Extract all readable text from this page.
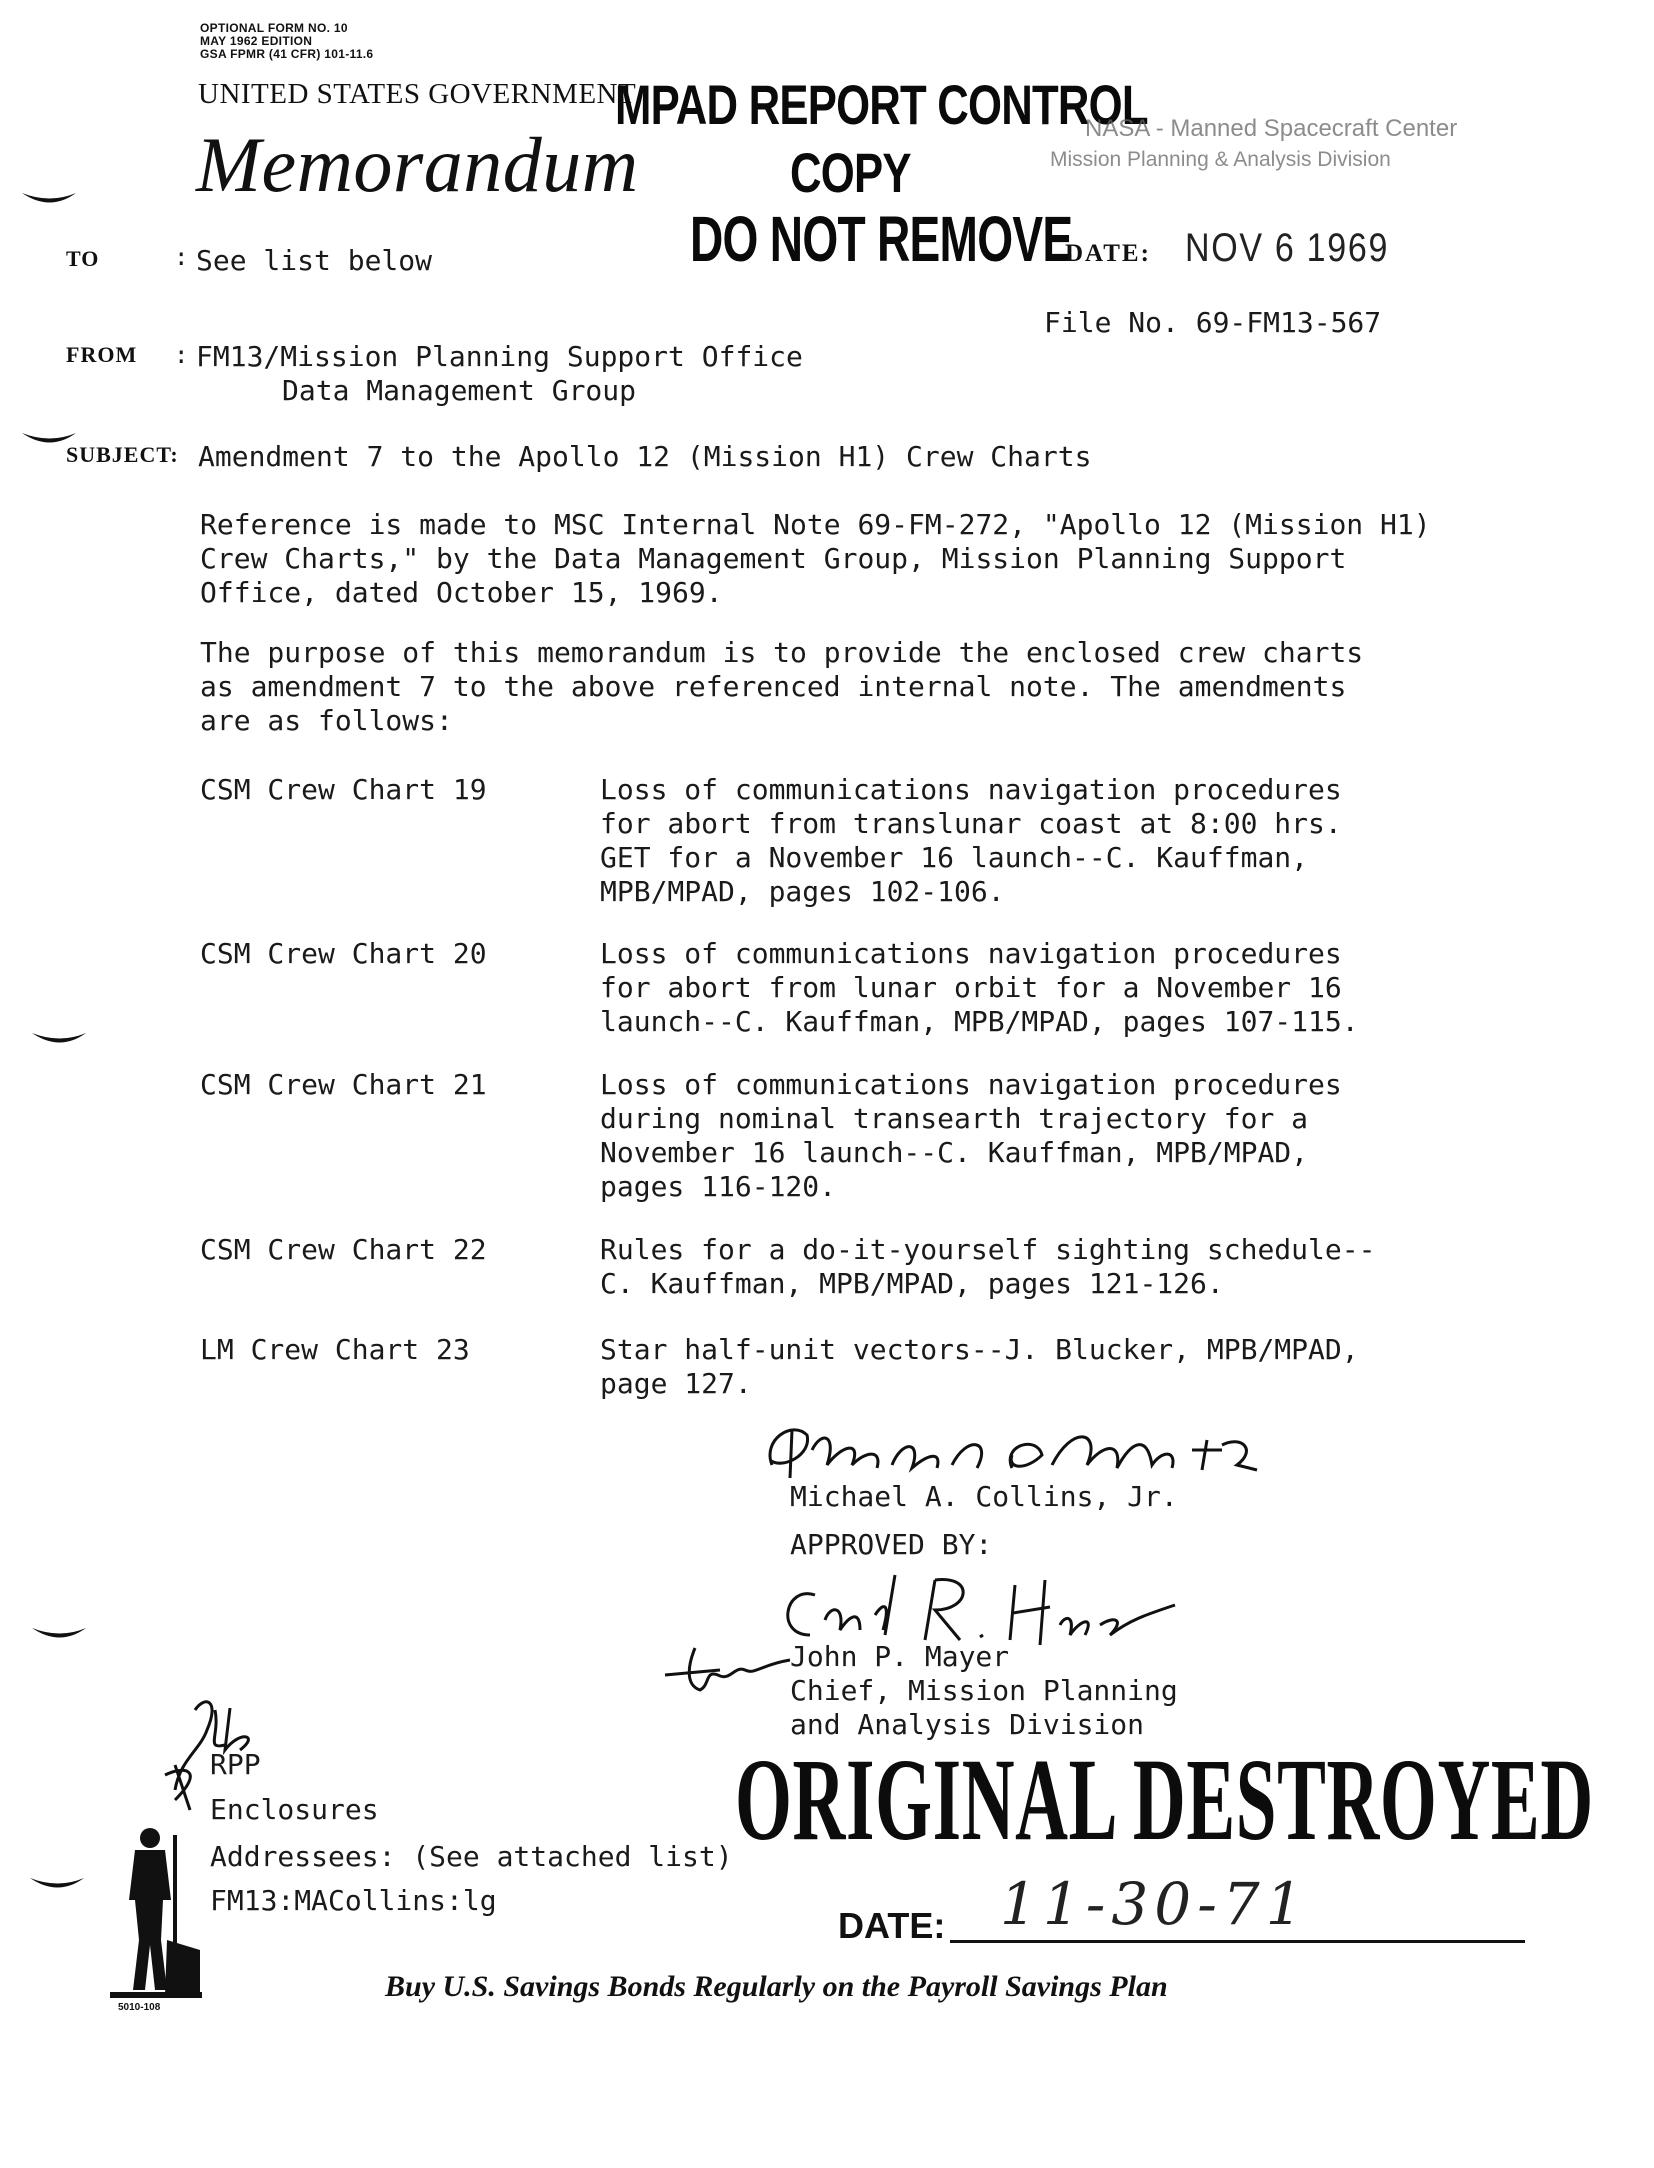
OPTIONAL FORM NO. 10
MAY 1962 EDITION
GSA FPMR (41 CFR) 101-11.6
UNITED STATES GOVERNMENT
Memorandum
MPAD REPORT CONTROL
COPY
DO NOT REMOVE
NASA - Manned Spacecraft Center
Mission Planning & Analysis Division
TO	: See list below	DATE: NOV 6 1969
File No. 69-FM13-567
FROM : FM13/Mission Planning Support Office
Data Management Group
SUBJECT: Amendment 7 to the Apollo 12 (Mission H1) Crew Charts
Reference is made to MSC Internal Note 69-FM-272, "Apollo 12 (Mission H1)
Crew Charts," by the Data Management Group, Mission Planning Support
Office, dated October 15, 1969.
The purpose of this memorandum is to provide the enclosed crew charts
as amendment 7 to the above referenced internal note. The amendments
are as follows:
CSM Crew Chart 19	Loss of communications navigation procedures
for abort from translunar coast at 8:00 hrs.
GET for a November 16 launch--C. Kauffman,
MPB/MPAD, pages 102-106.
CSM Crew Chart 20	Loss of communications navigation procedures
for abort from lunar orbit for a November 16
launch--C. Kauffman, MPB/MPAD, pages 107-115.
CSM Crew Chart 21	Loss of communications navigation procedures
during nominal transearth trajectory for a
November 16 launch--C. Kauffman, MPB/MPAD,
pages 116-120.
CSM Crew Chart 22	Rules for a do-it-yourself sighting schedule--
C. Kauffman, MPB/MPAD, pages 121-126.
LM Crew Chart 23	Star half-unit vectors--J. Blucker, MPB/MPAD,
page 127.
Michael A. Collins, Jr.
APPROVED BY:
John P. Mayer
Chief, Mission Planning
and Analysis Division
RPP
Enclosures
Addressees: (See attached list)
FM13:MACollins:lg
5010-108
ORIGINAL DESTROYED
DATE: 11-30-71
Buy U.S. Savings Bonds Regularly on the Payroll Savings Plan
